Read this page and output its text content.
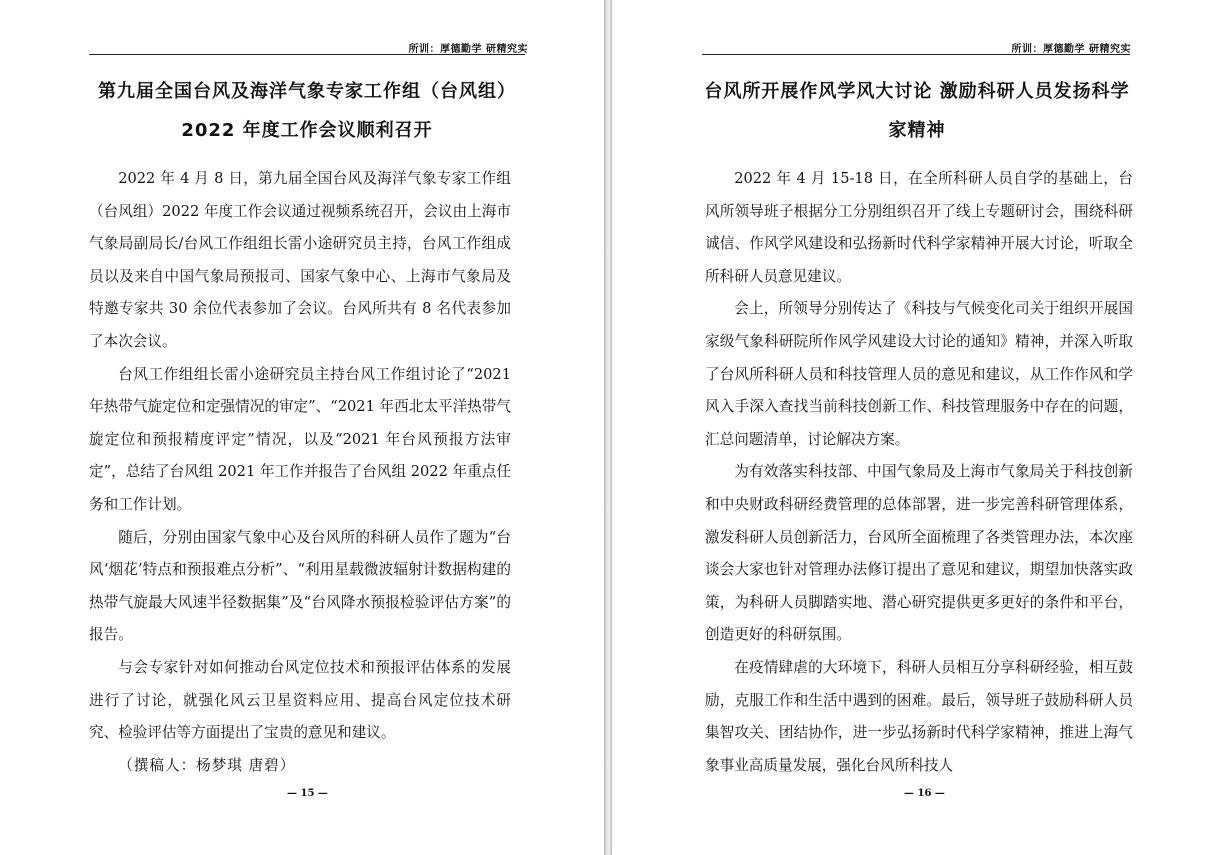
所训：厚德勤学 研精究实
第九届全国台风及海洋气象专家工作组（台风组）
2022 年度工作会议顺利召开

2022 年 4 月 8 日，第九届全国台风及海洋气象专家工作组（台风组）2022 年度工作会议通过视频系统召开，会议由上海市气象局副局长/台风工作组组长雷小途研究员主持，台风工作组成员以及来自中国气象局预报司、国家气象中心、上海市气象局及特邀专家共 30 余位代表参加了会议。台风所共有 8 名代表参加了本次会议。

台风工作组组长雷小途研究员主持台风工作组讨论了“2021 年热带气旋定位和定强情况的审定”、“2021 年西北太平洋热带气旋定位和预报精度评定”情况，以及“2021 年台风预报方法审定”，总结了台风组 2021 年工作并报告了台风组 2022 年重点任务和工作计划。

随后，分别由国家气象中心及台风所的科研人员作了题为“台风‘烟花’特点和预报难点分析”、“利用星载微波辐射计数据构建的热带气旋最大风速半径数据集”及“台风降水预报检验评估方案”的报告。

与会专家针对如何推动台风定位技术和预报评估体系的发展进行了讨论，就强化风云卫星资料应用、提高台风定位技术研究、检验评估等方面提出了宝贵的意见和建议。

（撰稿人：杨梦琪 唐碧）

— 15 —
所训：厚德勤学 研精究实
台风所开展作风学风大讨论 激励科研人员发扬科学
家精神

2022 年 4 月 15-18 日，在全所科研人员自学的基础上，台风所领导班子根据分工分别组织召开了线上专题研讨会，围绕科研诚信、作风学风建设和弘扬新时代科学家精神开展大讨论，听取全所科研人员意见建议。

会上，所领导分别传达了《科技与气候变化司关于组织开展国家级气象科研院所作风学风建设大讨论的通知》精神，并深入听取了台风所科研人员和科技管理人员的意见和建议，从工作作风和学风入手深入查找当前科技创新工作、科技管理服务中存在的问题，汇总问题清单，讨论解决方案。

为有效落实科技部、中国气象局及上海市气象局关于科技创新和中央财政科研经费管理的总体部署，进一步完善科研管理体系，激发科研人员创新活力，台风所全面梳理了各类管理办法，本次座谈会大家也针对管理办法修订提出了意见和建议，期望加快落实政策，为科研人员脚踏实地、潜心研究提供更多更好的条件和平台，创造更好的科研氛围。

在疫情肆虐的大环境下，科研人员相互分享科研经验，相互鼓励，克服工作和生活中遇到的困难。最后，领导班子鼓励科研人员集智攻关、团结协作，进一步弘扬新时代科学家精神，推进上海气象事业高质量发展，强化台风所科技人

— 16 —
